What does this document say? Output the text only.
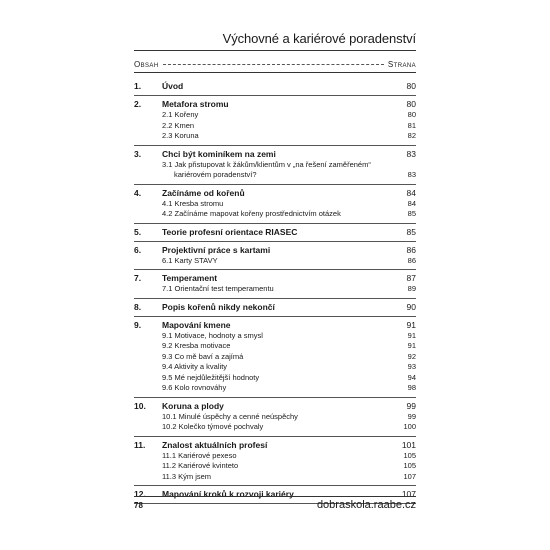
Výchovné a kariérové poradenství
Obsah	Strana
1.	Úvod	80
2.	Metafora stromu	80
2.1 Kořeny	80
2.2 Kmen	81
2.3 Koruna	82
3.	Chci být kominíkem na zemi	83
3.1 Jak přistupovat k žákům/klientům v „na řešení zaměřeném“
kariérovém poradenství?	83
4.	Začínáme od kořenů	84
4.1 Kresba stromu	84
4.2 Začínáme mapovat kořeny prostřednictvím otázek	85
5.	Teorie profesní orientace RIASEC	85
6.	Projektivní práce s kartami	86
6.1 Karty STAVY	86
7.	Temperament	87
7.1 Orientační test temperamentu	89
8.	Popis kořenů nikdy nekončí	90
9.	Mapování kmene	91
9.1 Motivace, hodnoty a smysl	91
9.2 Kresba motivace	91
9.3 Co mě baví a zajímá	92
9.4 Aktivity a kvality	93
9.5 Mé nejdůležitější hodnoty	94
9.6 Kolo rovnováhy	98
10.	Koruna a plody	99
10.1 Minulé úspěchy a cenné neúspěchy	99
10.2 Kolečko týmové pochvaly	100
11.	Znalost aktuálních profesí	101
11.1 Kariérové pexeso	105
11.2 Kariérové kvinteto	105
11.3 Kým jsem	107
12.	Mapování kroků k rozvoji kariéry	107
78	dobraskola.raabe.cz
